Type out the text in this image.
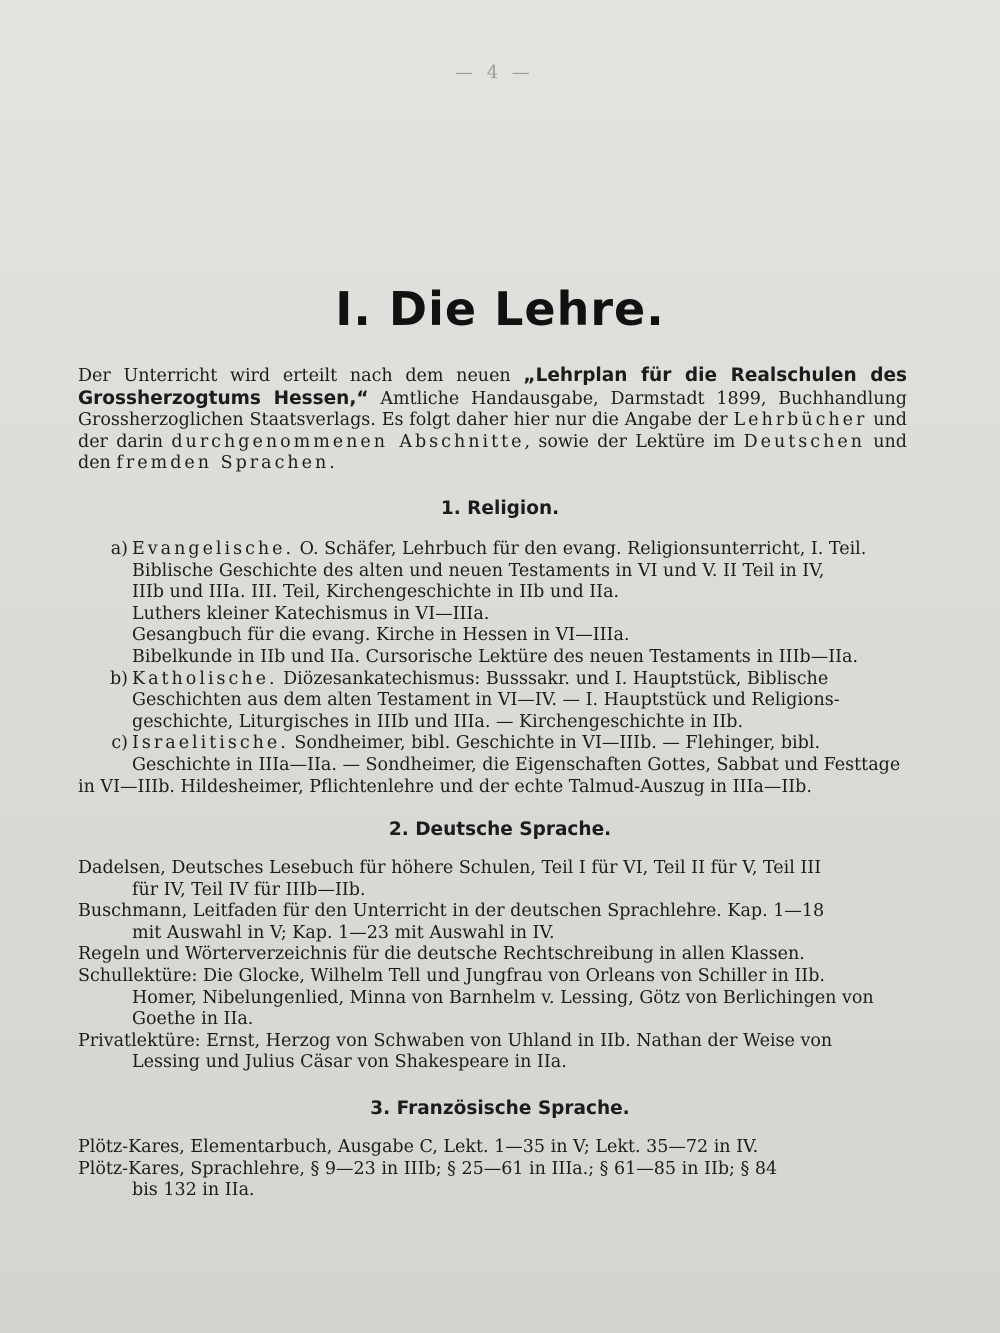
— 4 —
I. Die Lehre.
Der Unterricht wird erteilt nach dem neuen „Lehrplan für die Realschulen des Grossherzogtums Hessen,“ Amtliche Handausgabe, Darmstadt 1899, Buchhandlung Grossherzoglichen Staatsverlags. Es folgt daher hier nur die Angabe der Lehrbücher und der darin durchgenommenen Abschnitte, sowie der Lektüre im Deutschen und den fremden Sprachen.
1. Religion.
a) Evangelische. O. Schäfer, Lehrbuch für den evang. Religionsunterricht, I. Teil.
Biblische Geschichte des alten und neuen Testaments in VI und V. II Teil in IV,
IIIb und IIIa. III. Teil, Kirchengeschichte in IIb und IIa.
Luthers kleiner Katechismus in VI—IIIa.
Gesangbuch für die evang. Kirche in Hessen in VI—IIIa.
Bibelkunde in IIb und IIa. Cursorische Lektüre des neuen Testaments in IIIb—IIa.
b) Katholische. Diözesankatechismus: Busssakr. und I. Hauptstück, Biblische
Geschichten aus dem alten Testament in VI—IV. — I. Hauptstück und Religions-
geschichte, Liturgisches in IIIb und IIIa. — Kirchengeschichte in IIb.
c) Israelitische. Sondheimer, bibl. Geschichte in VI—IIIb. — Flehinger, bibl.
Geschichte in IIIa—IIa. — Sondheimer, die Eigenschaften Gottes, Sabbat und Festtage
in VI—IIIb. Hildesheimer, Pflichtenlehre und der echte Talmud-Auszug in IIIa—IIb.
2. Deutsche Sprache.
Dadelsen, Deutsches Lesebuch für höhere Schulen, Teil I für VI, Teil II für V, Teil III
für IV, Teil IV für IIIb—IIb.
Buschmann, Leitfaden für den Unterricht in der deutschen Sprachlehre. Kap. 1—18
mit Auswahl in V; Kap. 1—23 mit Auswahl in IV.
Regeln und Wörterverzeichnis für die deutsche Rechtschreibung in allen Klassen.
Schullektüre: Die Glocke, Wilhelm Tell und Jungfrau von Orleans von Schiller in IIb.
Homer, Nibelungenlied, Minna von Barnhelm v. Lessing, Götz von Berlichingen von
Goethe in IIa.
Privatlektüre: Ernst, Herzog von Schwaben von Uhland in IIb. Nathan der Weise von
Lessing und Julius Cäsar von Shakespeare in IIa.
3. Französische Sprache.
Plötz-Kares, Elementarbuch, Ausgabe C, Lekt. 1—35 in V; Lekt. 35—72 in IV.
Plötz-Kares, Sprachlehre, § 9—23 in IIIb; § 25—61 in IIIa.; § 61—85 in IIb; § 84
bis 132 in IIa.
